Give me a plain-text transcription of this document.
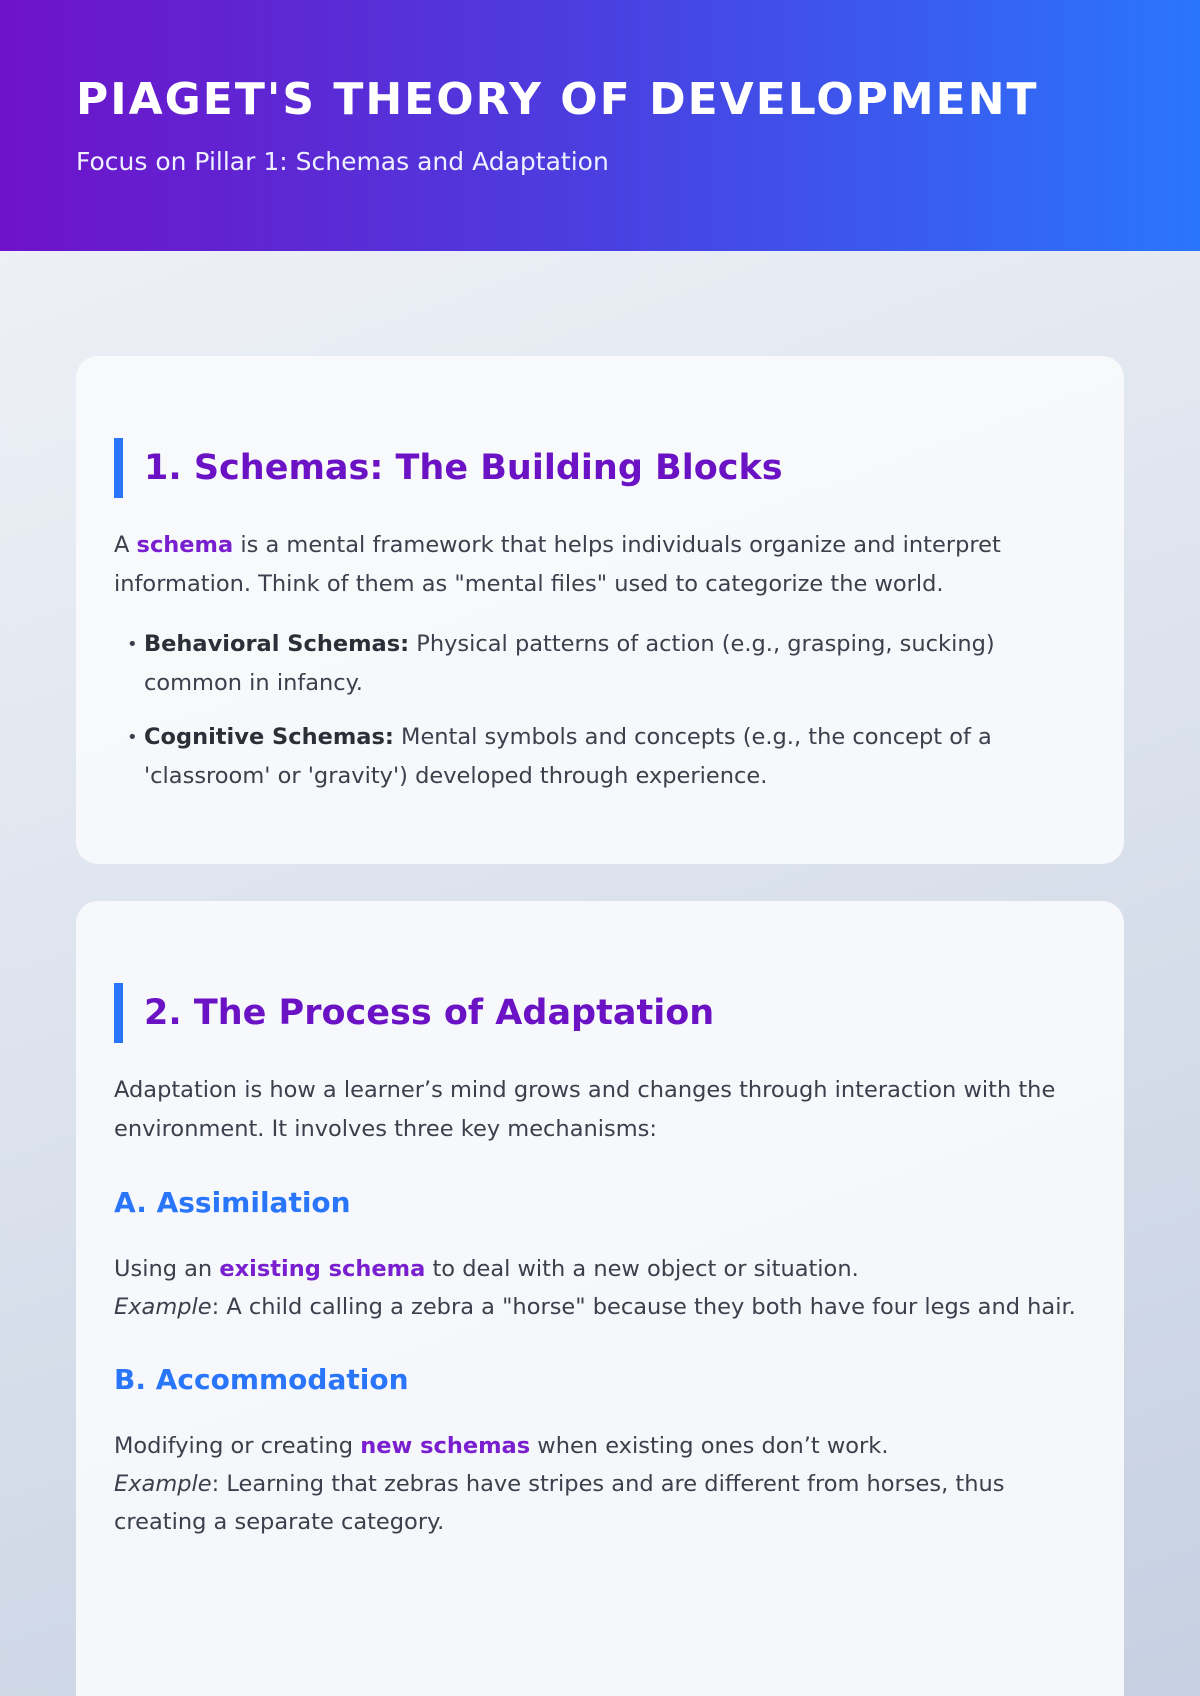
PIAGET'S THEORY OF DEVELOPMENT

Focus on Pillar 1: Schemas and Adaptation

1. Schemas: The Building Blocks

A schema is a mental framework that helps individuals organize and interpret information. Think of them as "mental files" used to categorize the world.

• Behavioral Schemas: Physical patterns of action (e.g., grasping, sucking) common in infancy.
• Cognitive Schemas: Mental symbols and concepts (e.g., the concept of a 'classroom' or 'gravity') developed through experience.
2. The Process of Adaptation

Adaptation is how a learner’s mind grows and changes through interaction with the environment. It involves three key mechanisms:

A. Assimilation

Using an existing schema to deal with a new object or situation.
Example: A child calling a zebra a "horse" because they both have four legs and hair.

B. Accommodation

Modifying or creating new schemas when existing ones don’t work.
Example: Learning that zebras have stripes and are different from horses, thus creating a separate category.
